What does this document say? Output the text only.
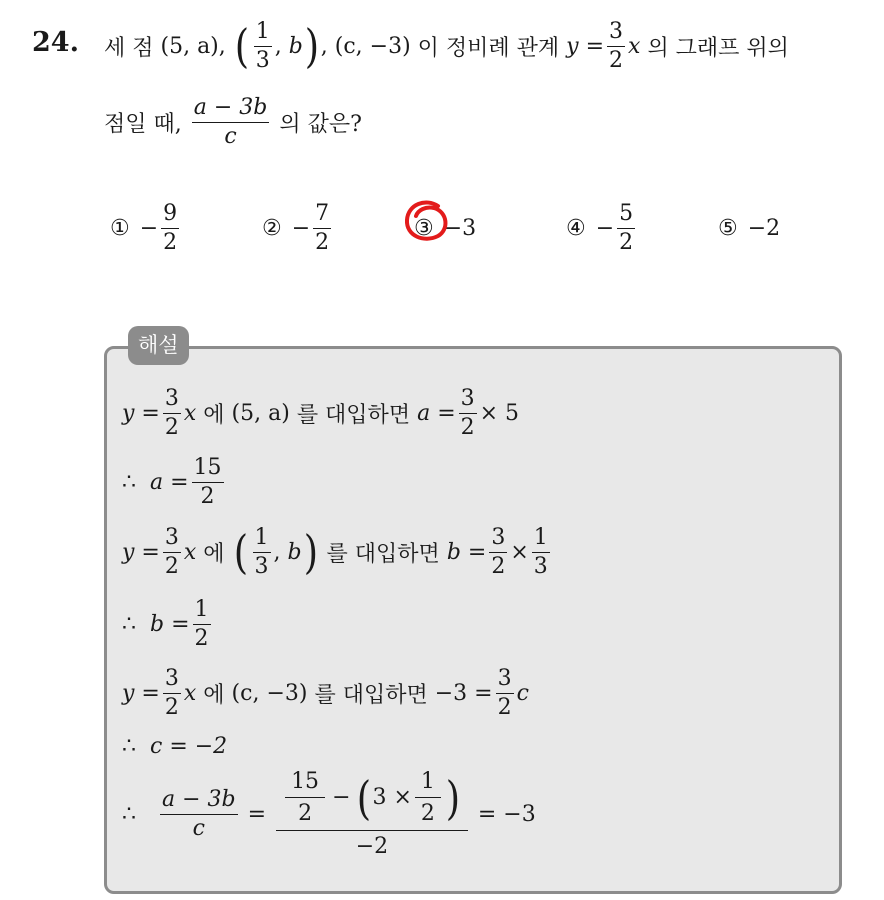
24. 세 점 (5, a), ( $\frac{1}{3}$ , b ) , (c, −3) 이 정비례 관계 $y = \frac{3}{2}$ x 의 그래프 위의
점일 때, $\frac{a - 3b}{c}$ 의 값은?
① − $\frac{9}{2}$	② − $\frac{7}{2}$	③ −3	④ − $\frac{5}{2}$	⑤ −2
해설
$y = \frac{3}{2}$ x 에 (5, a) 를 대입하면 $a = \frac{3}{2} \times 5$
∴ $a = \frac{15}{2}$
$y = \frac{3}{2}$ x 에 ( $\frac{1}{3}$ , b ) 를 대입하면 $b = \frac{3}{2} \times \frac{1}{3}$
∴ $b = \frac{1}{2}$
$y = \frac{3}{2}$ x 에 (c, −3) 를 대입하면 $-3 = \frac{3}{2}$ c
∴ c = −2
∴ $\frac{a - 3b}{c} = \frac{\frac{15}{2} - ( 3 \times \frac{1}{2} )}{-2} = -3$
